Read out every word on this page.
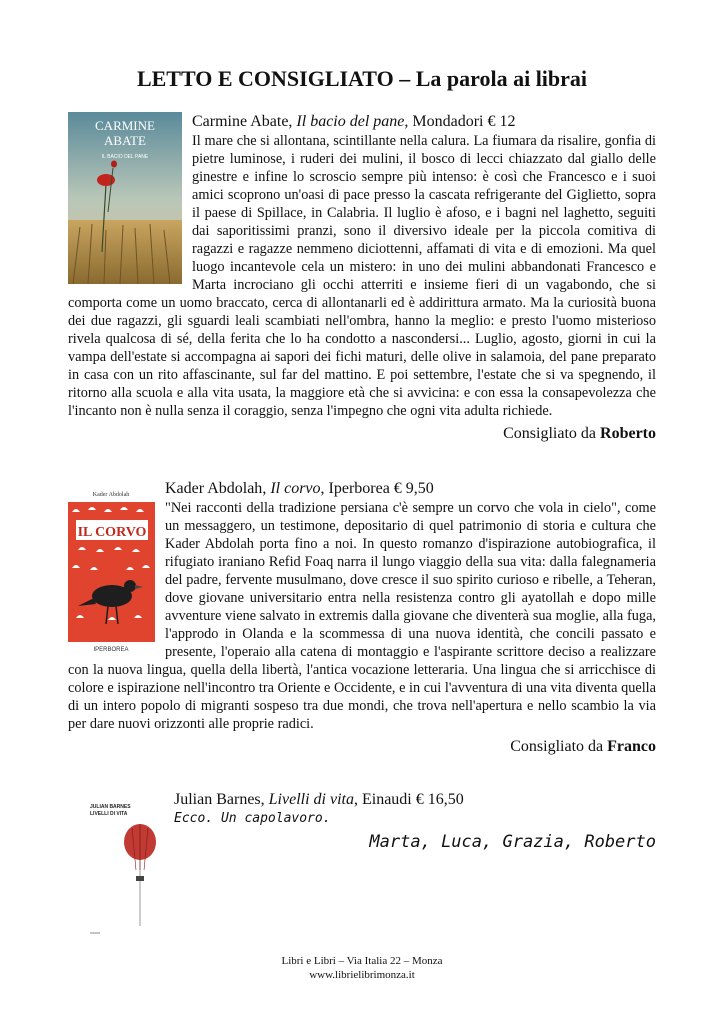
LETTO E CONSIGLIATO – La parola ai librai
CARMINE
ABATE
IL BACIO DEL PANE
Carmine Abate, Il bacio del pane, Mondadori € 12

Il mare che si allontana, scintillante nella calura. La fiumara da risalire, gonfia di pietre luminose, i ruderi dei mulini, il bosco di lecci chiazzato dal giallo delle ginestre e infine lo scroscio sempre più intenso: è così che Francesco e i suoi amici scoprono un'oasi di pace presso la cascata refrigerante del Giglietto, sopra il paese di Spillace, in Calabria. Il luglio è afoso, e i bagni nel laghetto, seguiti dai saporitissimi pranzi, sono il diversivo ideale per la piccola comitiva di ragazzi e ragazze nemmeno diciottenni, affamati di vita e di emozioni. Ma quel luogo incantevole cela un mistero: in uno dei mulini abbandonati Francesco e Marta incrociano gli occhi atterriti e insieme fieri di un vagabondo, che si comporta come un uomo braccato, cerca di allontanarli ed è addirittura armato. Ma la curiosità buona dei due ragazzi, gli sguardi leali scambiati nell'ombra, hanno la meglio: e presto l'uomo misterioso rivela qualcosa di sé, della ferita che lo ha condotto a nascondersi... Luglio, agosto, giorni in cui la vampa dell'estate si accompagna ai sapori dei fichi maturi, delle olive in salamoia, del pane preparato in casa con un rito affascinante, sul far del mattino. E poi settembre, l'estate che si va spegnendo, il ritorno alla scuola e alla vita usata, la maggiore età che si avvicina: e con essa la consapevolezza che l'incanto non è nulla senza il coraggio, senza l'impegno che ogni vita adulta richiede.

Consigliato da Roberto
Kader Abdolah
IL CORVO
IPERBOREA
Kader Abdolah, Il corvo, Iperborea € 9,50

"Nei racconti della tradizione persiana c'è sempre un corvo che vola in cielo", come un messaggero, un testimone, depositario di quel patrimonio di storia e cultura che Kader Abdolah porta fino a noi. In questo romanzo d'ispirazione autobiografica, il rifugiato iraniano Refid Foaq narra il lungo viaggio della sua vita: dalla falegnameria del padre, fervente musulmano, dove cresce il suo spirito curioso e ribelle, a Teheran, dove giovane universitario entra nella resistenza contro gli ayatollah e dopo mille avventure viene salvato in extremis dalla giovane che diventerà sua moglie, alla fuga, l'approdo in Olanda e la scommessa di una nuova identità, che concili passato e presente, l'operaio alla catena di montaggio e l'aspirante scrittore deciso a realizzare con la nuova lingua, quella della libertà, l'antica vocazione letteraria. Una lingua che si arricchisce di colore e ispirazione nell'incontro tra Oriente e Occidente, e in cui l'avventura di una vita diventa quella di un intero popolo di migranti sospeso tra due mondi, che trova nell'apertura e nello scambio la via per dare nuovi orizzonti alle proprie radici.

Consigliato da Franco
JULIAN BARNES
LIVELLI DI VITA
Julian Barnes, Livelli di vita, Einaudi € 16,50
Ecco. Un capolavoro.
Marta, Luca, Grazia, Roberto
Libri e Libri – Via Italia 22 – Monza
www.librielibrimonza.it
